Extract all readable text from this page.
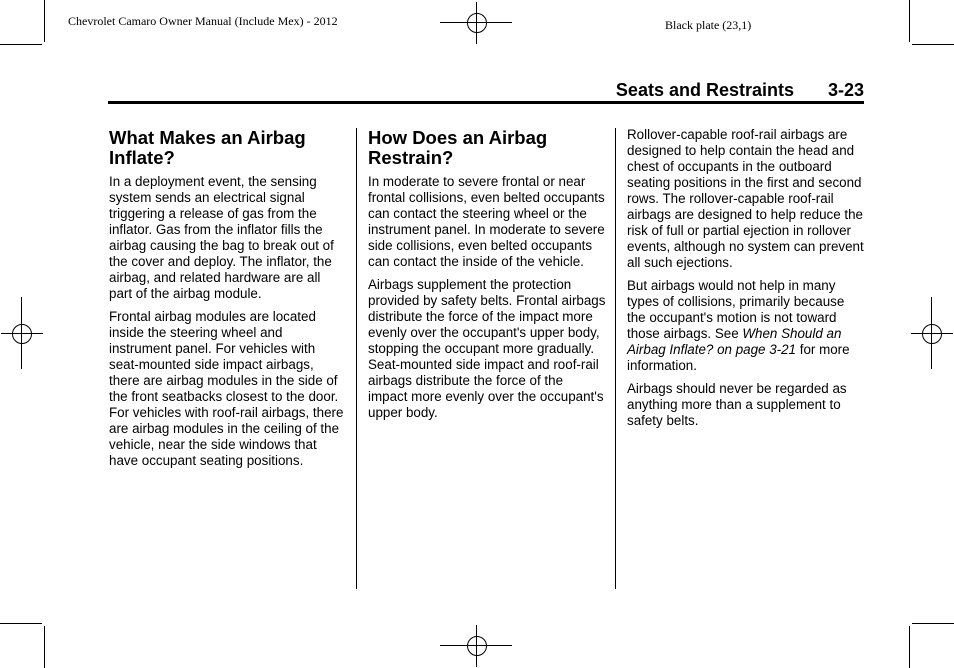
Chevrolet Camaro Owner Manual (Include Mex) - 2012	Black plate (23,1)
Seats and Restraints 3-23
What Makes an Airbag Inflate?

In a deployment event, the sensing system sends an electrical signal triggering a release of gas from the inflator. Gas from the inflator fills the airbag causing the bag to break out of the cover and deploy. The inflator, the airbag, and related hardware are all part of the airbag module.

Frontal airbag modules are located inside the steering wheel and instrument panel. For vehicles with seat-mounted side impact airbags, there are airbag modules in the side of the front seatbacks closest to the door. For vehicles with roof-rail airbags, there are airbag modules in the ceiling of the vehicle, near the side windows that have occupant seating positions.

How Does an Airbag Restrain?

In moderate to severe frontal or near frontal collisions, even belted occupants can contact the steering wheel or the instrument panel. In moderate to severe side collisions, even belted occupants can contact the inside of the vehicle.

Airbags supplement the protection provided by safety belts. Frontal airbags distribute the force of the impact more evenly over the occupant's upper body, stopping the occupant more gradually. Seat-mounted side impact and roof-rail airbags distribute the force of the impact more evenly over the occupant's upper body.

Rollover-capable roof-rail airbags are designed to help contain the head and chest of occupants in the outboard seating positions in the first and second rows. The rollover-capable roof-rail airbags are designed to help reduce the risk of full or partial ejection in rollover events, although no system can prevent all such ejections.

But airbags would not help in many types of collisions, primarily because the occupant's motion is not toward those airbags. See When Should an Airbag Inflate? on page 3-21 for more information.

Airbags should never be regarded as anything more than a supplement to safety belts.
